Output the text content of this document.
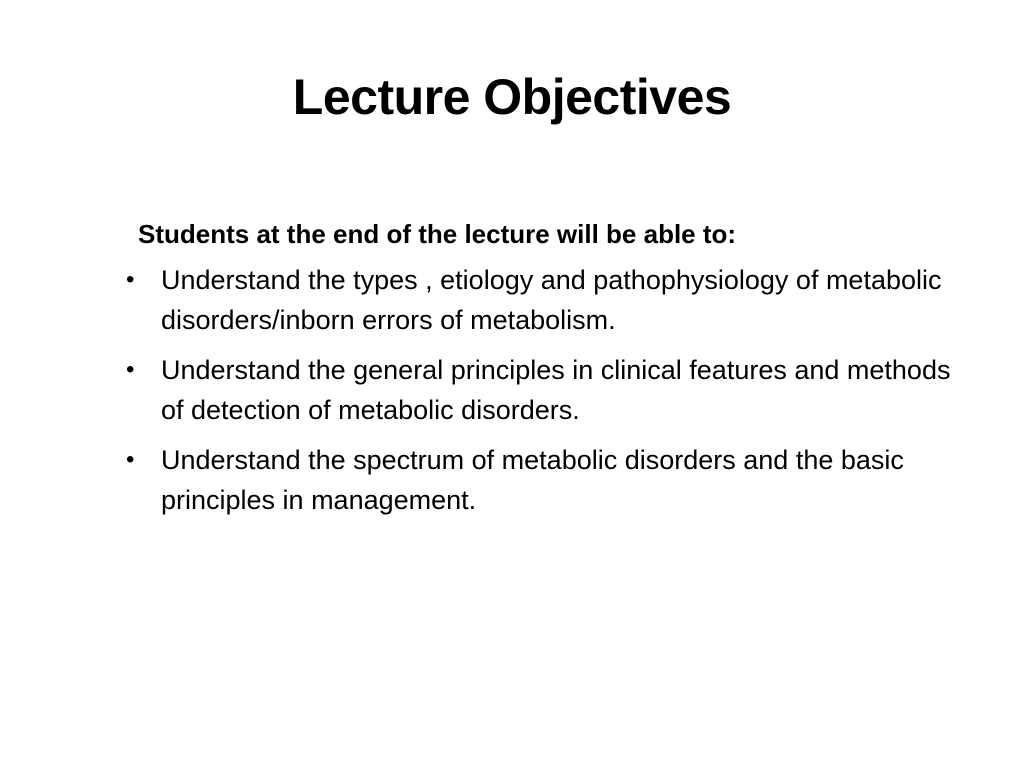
Lecture Objectives

Students at the end of the lecture will be able to:

• Understand the types , etiology and pathophysiology of metabolic disorders/inborn errors of metabolism.
• Understand the general principles in clinical features and methods of detection of metabolic disorders.
• Understand the spectrum of metabolic disorders and the basic principles in management.
